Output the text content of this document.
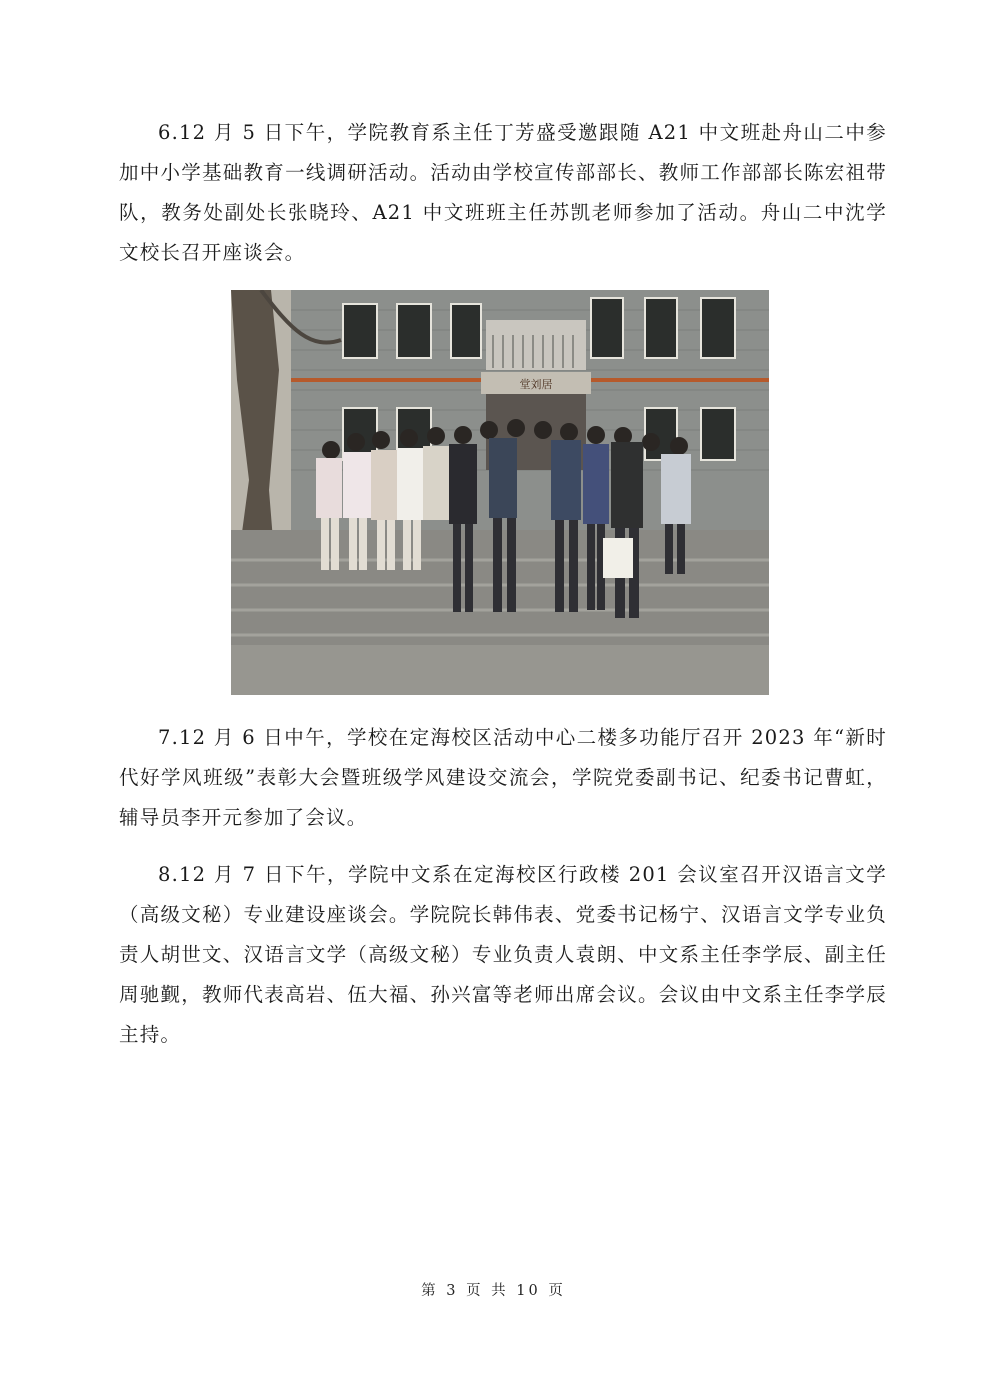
6.12 月 5 日下午，学院教育系主任丁芳盛受邀跟随 A21 中文班赴舟山二中参加中小学基础教育一线调研活动。活动由学校宣传部部长、教师工作部部长陈宏祖带队，教务处副处长张晓玲、A21 中文班班主任苏凯老师参加了活动。舟山二中沈学文校长召开座谈会。

堂刘居

7.12 月 6 日中午，学校在定海校区活动中心二楼多功能厅召开 2023 年“新时代好学风班级”表彰大会暨班级学风建设交流会，学院党委副书记、纪委书记曹虹，辅导员李开元参加了会议。

8.12 月 7 日下午，学院中文系在定海校区行政楼 201 会议室召开汉语言文学（高级文秘）专业建设座谈会。学院院长韩伟表、党委书记杨宁、汉语言文学专业负责人胡世文、汉语言文学（高级文秘）专业负责人袁朗、中文系主任李学辰、副主任周驰觐，教师代表高岩、伍大福、孙兴富等老师出席会议。会议由中文系主任李学辰主持。

第 3 页 共 10 页
